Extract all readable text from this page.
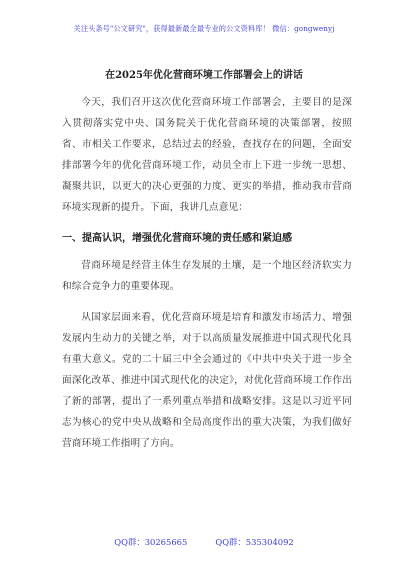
关注头条号"公文研究"，获得最新最全最专业的公文资料库！ 微信：gongwenyj
在2025年优化营商环境工作部署会上的讲话

今天，我们召开这次优化营商环境工作部署会，主要目的是深入贯彻落实党中央、国务院关于优化营商环境的决策部署，按照省、市相关工作要求，总结过去的经验，查找存在的问题，全面安排部署今年的优化营商环境工作，动员全市上下进一步统一思想、凝聚共识，以更大的决心更强的力度、更实的举措，推动我市营商环境实现新的提升。下面，我讲几点意见：

一、提高认识，增强优化营商环境的责任感和紧迫感

营商环境是经营主体生存发展的土壤，是一个地区经济软实力和综合竞争力的重要体现。

从国家层面来看，优化营商环境是培育和激发市场活力、增强发展内生动力的关键之举，对于以高质量发展推进中国式现代化具有重大意义。党的二十届三中全会通过的《中共中央关于进一步全面深化改革、推进中国式现代化的决定》，对优化营商环境工作作出了新的部署，提出了一系列重点举措和战略安排。这是以习近平同志为核心的党中央从战略和全局高度作出的重大决策，为我们做好营商环境工作指明了方向。

QQ群：30265665	QQ群：535304092
